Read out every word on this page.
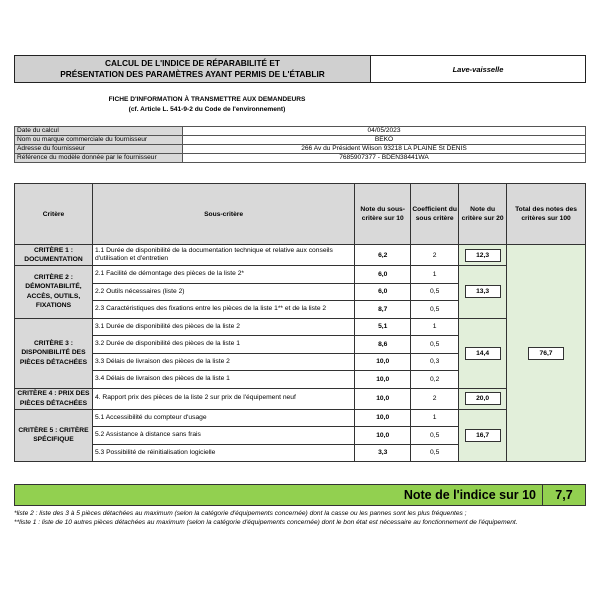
CALCUL DE L'INDICE DE RÉPARABILITÉ ET
PRÉSENTATION DES PARAMÈTRES AYANT PERMIS DE L'ÉTABLIR	Lave-vaisselle
FICHE D'INFORMATION À TRANSMETTRE AUX DEMANDEURS
(cf. Article L. 541-9-2 du Code de l'environnement)
Date du calcul	04/05/2023
Nom ou marque commerciale du fournisseur	BEKO
Adresse du fournisseur	266 Av du Président Wilson 93218 LA PLAINE St DENIS
Référence du modèle donnée par le fournisseur	7685907377 - BDEN38441WA
Critère	Sous-critère	Note du sous-critère sur 10	Coefficient du sous critère	Note du critère sur 20	Total des notes des critères sur 100
CRITÈRE 1 : DOCUMENTATION	1.1 Durée de disponibilité de la documentation technique et relative aux conseils d'utilisation et d'entretien	6,2	2	12,3	76,7
CRITÈRE 2 : DÉMONTABILITÉ, ACCÈS, OUTILS, FIXATIONS	2.1 Facilité de démontage des pièces de la liste 2*	6,0	1	13,3	
	2.2 Outils nécessaires (liste 2)	6,0	0,5		
	2.3 Caractéristiques des fixations entre les pièces de la liste 1** et de la liste 2	8,7	0,5		
CRITÈRE 3 : DISPONIBILITÉ DES PIÈCES DÉTACHÉES	3.1 Durée de disponibilité des pièces de la liste 2	5,1	1	14,4	
	3.2 Durée de disponibilité des pièces de la liste 1	8,6	0,5		
	3.3 Délais de livraison des pièces de la liste 2	10,0	0,3		
	3.4 Délais de livraison des pièces de la liste 1	10,0	0,2		
CRITÈRE 4 : PRIX DES PIÈCES DÉTACHÉES	4. Rapport prix des pièces de la liste 2 sur prix de l'équipement neuf	10,0	2	20,0	
CRITÈRE 5 : CRITÈRE SPÉCIFIQUE	5.1 Accessibilité du compteur d'usage	10,0	1	16,7	
	5.2 Assistance à distance sans frais	10,0	0,5		
	5.3 Possibilité de réinitialisation logicielle	3,3	0,5		
Note de l'indice sur 10	7,7
*liste 2 : liste des 3 à 5 pièces détachées au maximum (selon la catégorie d'équipements concernée) dont la casse ou les pannes sont les plus fréquentes ;
**liste 1 : liste de 10 autres pièces détachées au maximum (selon la catégorie d'équipements concernée) dont le bon état est nécessaire au fonctionnement de l'équipement.
